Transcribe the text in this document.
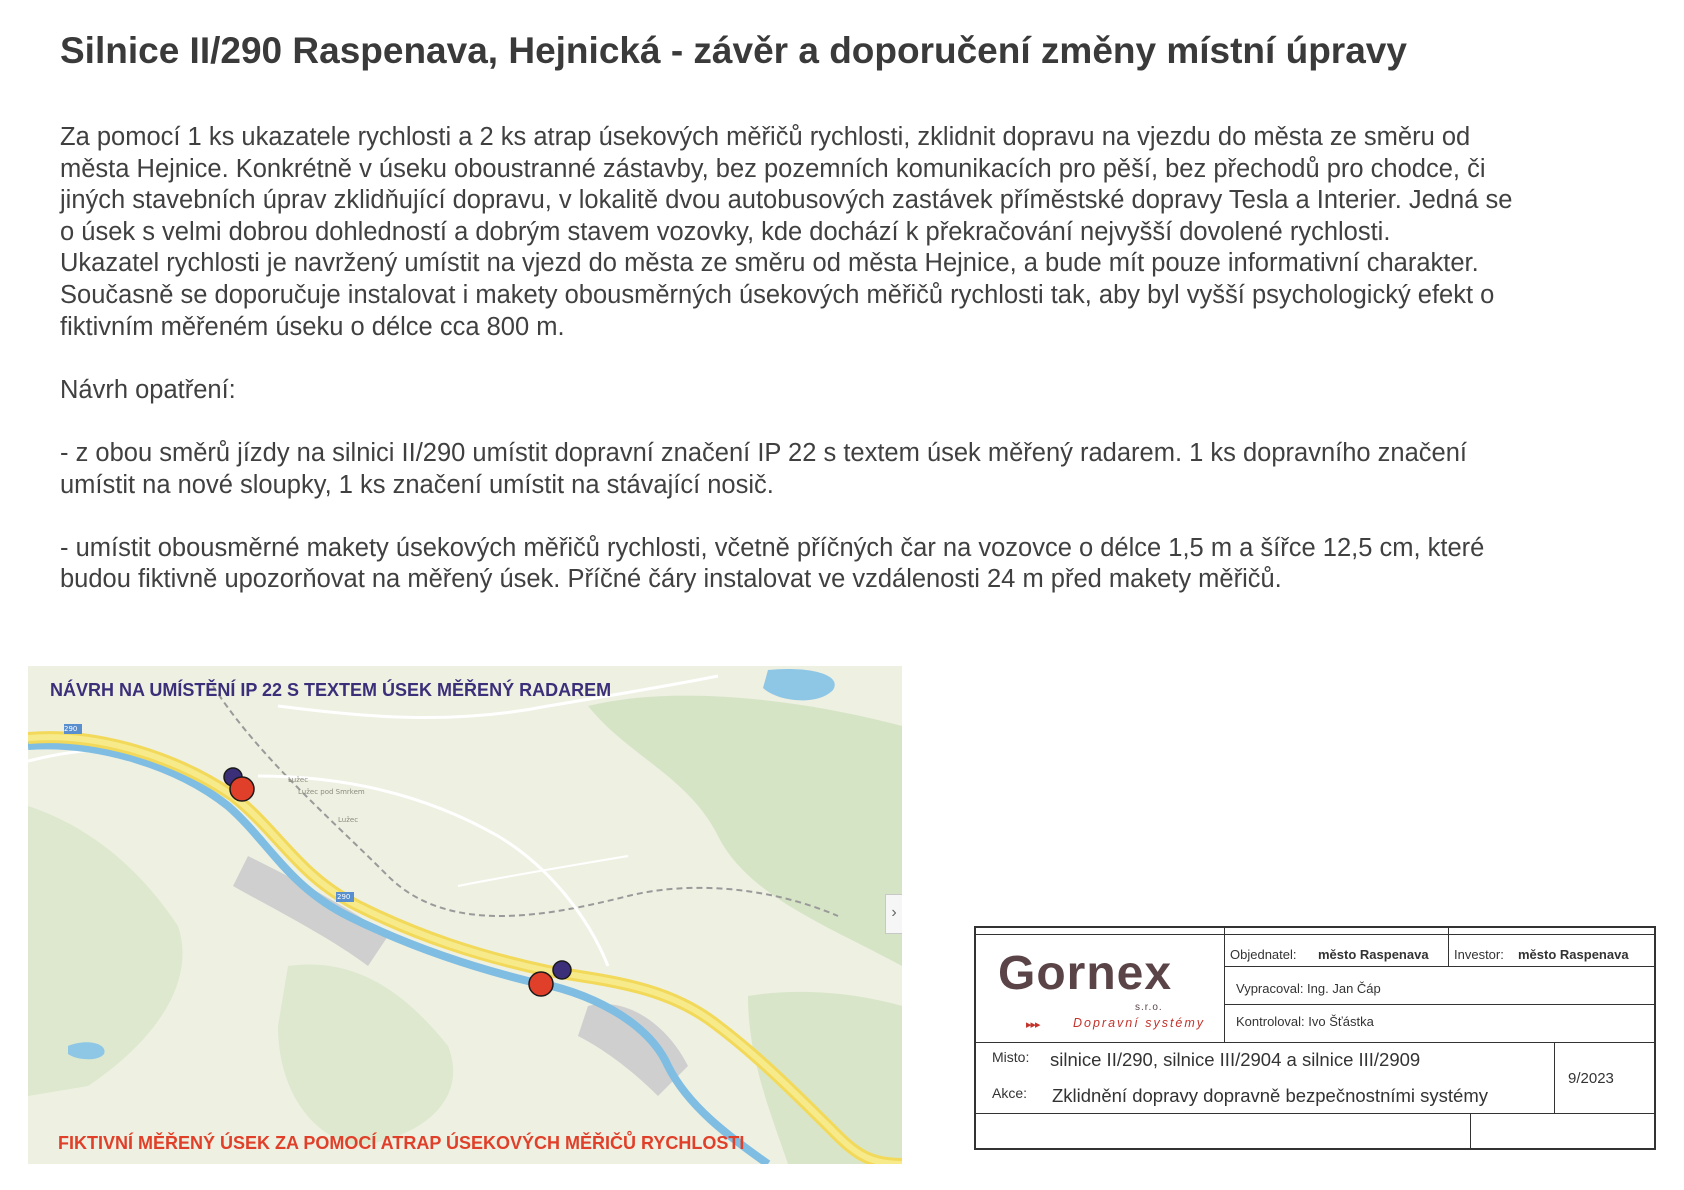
Silnice II/290 Raspenava, Hejnická - závěr a doporučení změny místní úpravy

Za pomocí 1 ks ukazatele rychlosti a 2 ks atrap úsekových měřičů rychlosti, zklidnit dopravu na vjezdu do města ze směru od

města Hejnice. Konkrétně v úseku oboustranné zástavby, bez pozemních komunikacích pro pěší, bez přechodů pro chodce, či

jiných stavebních úprav zklidňující dopravu, v lokalitě dvou autobusových zastávek příměstské dopravy Tesla a Interier. Jedná se

o úsek s velmi dobrou dohledností a dobrým stavem vozovky, kde dochází k překračování nejvyšší dovolené rychlosti.

Ukazatel rychlosti je navržený umístit na vjezd do města ze směru od města Hejnice, a bude mít pouze informativní charakter.

Současně se doporučuje instalovat i makety obousměrných úsekových měřičů rychlosti tak, aby byl vyšší psychologický efekt o

fiktivním měřeném úseku o délce cca 800 m.

Návrh opatření:

- z obou směrů jízdy na silnici II/290 umístit dopravní značení IP 22 s textem úsek měřený radarem. 1 ks dopravního značení

umístit na nové sloupky, 1 ks značení umístit na stávající nosič.

- umístit obousměrné makety úsekových měřičů rychlosti, včetně příčných čar na vozovce o délce 1,5 m a šířce 12,5 cm, které

budou fiktivně upozorňovat na měřený úsek. Příčné čáry instalovat ve vzdálenosti 24 m před makety měřičů.

290
290
Lužec
Lužec pod Smrkem
Lužec
NÁVRH NA UMÍSTĚNÍ IP 22 S TEXTEM ÚSEK MĚŘENÝ RADAREM
FIKTIVNÍ MĚŘENÝ ÚSEK ZA POMOCÍ ATRAP ÚSEKOVÝCH MĚŘIČŮ RYCHLOSTI
›
Gornex
s.r.o.
▸▸▸	Dopravní systémy
Objednatel: město Raspenava Investor: město Raspenava
Vypracoval: Ing. Jan Čáp
Kontroloval: Ivo Šťástka
Misto: silnice II/290, silnice III/2904 a silnice III/2909
Akce: Zklidnění dopravy dopravně bezpečnostními systémy
9/2023
